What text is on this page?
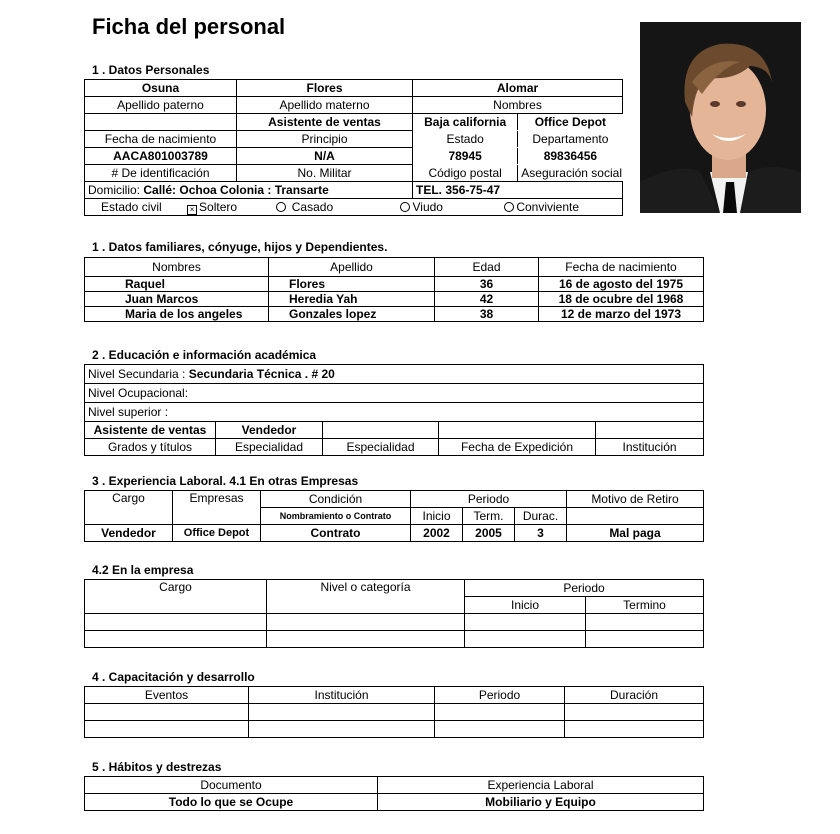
Ficha del personal
1 . Datos Personales
Osuna	Flores	Alomar
Apellido paterno	Apellido materno	Nombres
	Asistente de ventas		Baja california	Office Depot

Fecha de nacimiento	Principio		Estado	Departamento

AACA801003789	N/A		78945	89836456

# De identificación	No. Militar		Código postal	Aseguración social

Domicilio: Callé: Ochoa Colonia : Transarte	TEL. 356-75-47
Estado civil	× Soltero	Casado	Viudo	Conviviente
1 . Datos familiares, cónyuge, hijos y Dependientes.
Nombres	Apellido	Edad	Fecha de nacimiento
Raquel	Flores	36	16 de agosto del 1975
Juan Marcos	Heredia Yah	42	18 de ocubre del 1968
Maria de los angeles	Gonzales lopez	38	12 de marzo del 1973
2 . Educación e información académica
Nivel Secundaria : Secundaria Técnica . # 20				
Nivel Ocupacional:				
Nivel superior :				
Asistente de ventas	Vendedor			
Grados y títulos	Especialidad	Especialidad	Fecha de Expedición	Institución
3 . Experiencia Laboral. 4.1 En otras Empresas
Cargo	Empresas	Condición	Periodo			Motivo de Retiro
		Nombramiento o Contrato	Inicio	Term.	Durac.	
Vendedor	Office Depot	Contrato	2002	2005	3	Mal paga
4.2 En la empresa
Cargo	Nivel o categoría	Periodo	
		Inicio	Termino

4 . Capacitación y desarrollo
Eventos	Institución	Periodo	Duración

5 . Hábitos y destrezas
Documento	Experiencia Laboral
Todo lo que se Ocupe	Mobiliario y Equipo
